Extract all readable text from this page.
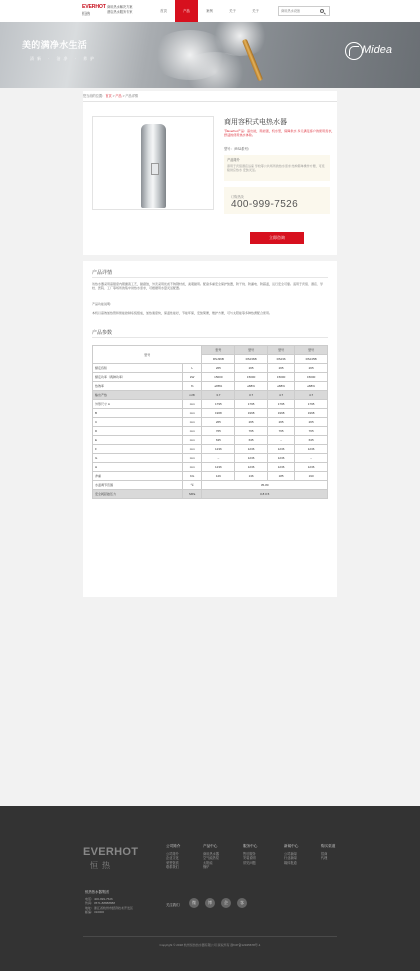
EVERHOT
恒热
商用热水解决方案
酒店热水服务专家	首页	产品	案例	关于	关于
商用热水设备
美的满净水生活
清新 · 洁净 · 养护
Midea
您当前的位置：首页 > 产品 > 产品详情
商用容积式电热水器
节Everhot产品：高出能，用能强，机水型，保障供水 多元满足客户的使用需求，舒适的使用热水体验。
型号：（RSJ系列）
产品简介
商用于宾馆酒店浴室 学校等公共场所的热水需求 结构简单操作方便，可连续供应热水 安装灵活。
订购热线
400-999-7526
立即咨询
产品详情
该热水器采用高强度内胆搪瓷工艺，耐腐蚀，外壳采用优质不锈钢材质，美观耐用。配备多重安全保护装置，防干烧、防漏电、防超温，运行安全可靠。适用于宾馆、酒店、学校、医院、工厂等场所的集中供热水需求，可根据用水量灵活配置。
产品功能说明：
本机以高效加热管和智能控制系统组成，加热速度快，保温性能好，节能环保，安装简便，维护方便，可与太阳能等多种热源配合使用。
产品参数
型号		型号	型号	型号	型号
		RSJ36B	RSJ36B	RSJ36	RSJ45B
额定容积	L	265	265	265	265
额定功率（两种功率）	kW	15000	15000	15000	15000
热效率	%	≥88%	≥88%	≥88%	≥88%
输出产热	m³/h	3.7	3.7	4.7	4.7
外形尺寸 A	mm	1795	1795	1795	1795
B	mm	1968	1968	1968	1968
C	mm	265	265	265	265
D	mm	765	765	765	765
E	mm	635	635	–	635
F	mm	1236	1236	1236	1236
G	mm	–	1236	1236	–
H	mm	1236	1236	1236	1236
净重	KG	129	136	185	190
水温调节范围	℃	35-80			
安全阀起始压力	MPa	0.8 0.5			
EVERHOT
恒热
公司简介
公司简介
企业文化
荣誉资质
联系我们
产品中心
商用热水器
空气能热泵
太阳能
锅炉
服务中心
售后服务
安装说明
常见问题
新闻中心
公司新闻
行业新闻
媒体报道
购买渠道
招商
代理
恒热热水器集团
电话：400-999-7526
传真：0571-88888888
地址：浙江省杭州市经济技术开发区
邮编：310000
关注我们	微	博	企	客
Copyright © 2018 杭州恒热热水器有限公司 版权所有 浙ICP备12345678号-1
